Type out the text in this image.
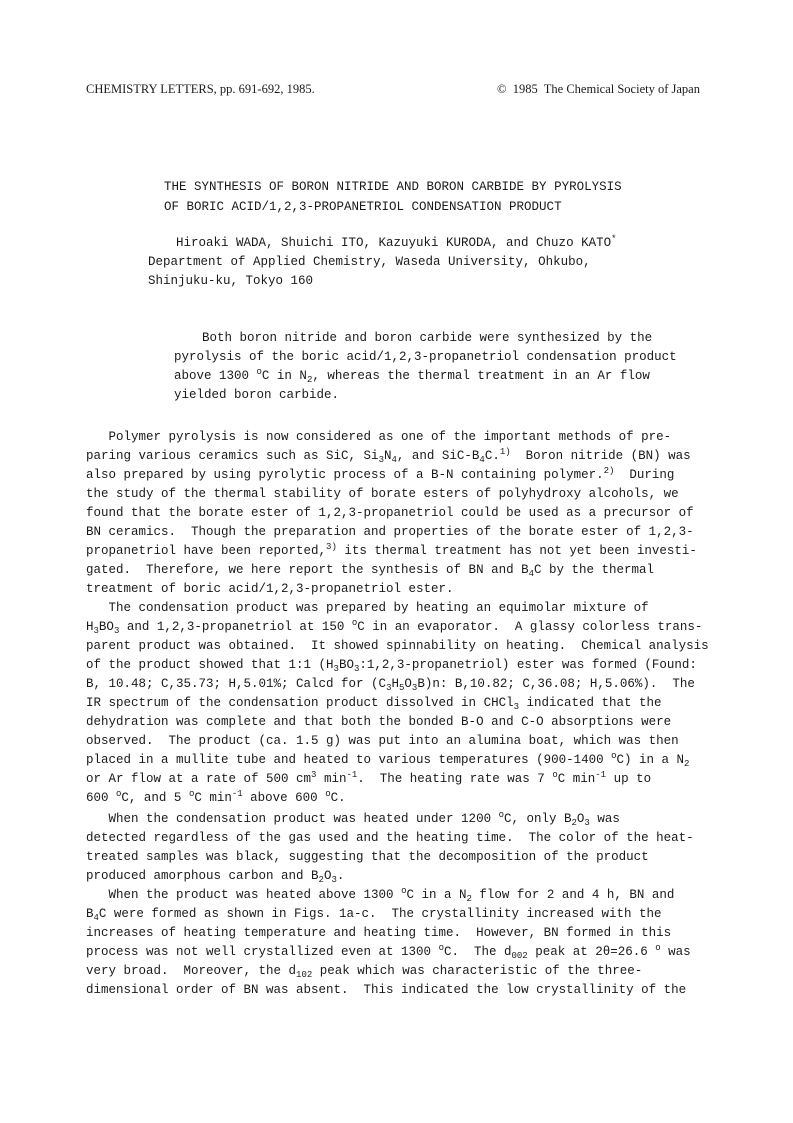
CHEMISTRY LETTERS, pp. 691-692, 1985.	©  1985  The Chemical Society of Japan
THE SYNTHESIS OF BORON NITRIDE AND BORON CARBIDE BY PYROLYSIS
OF BORIC ACID/1,2,3-PROPANETRIOL CONDENSATION PRODUCT
Hiroaki WADA, Shuichi ITO, Kazuyuki KURODA, and Chuzo KATO*
Department of Applied Chemistry, Waseda University, Ohkubo,
Shinjuku-ku, Tokyo 160
Both boron nitride and boron carbide were synthesized by the
pyrolysis of the boric acid/1,2,3-propanetriol condensation product
above 1300 $^o$C in $N_2$, whereas the thermal treatment in an Ar flow
yielded boron carbide.
Polymer pyrolysis is now considered as one of the important methods of pre-
paring various ceramics such as SiC, $Si_3N_4$, and SiC-$B_4C.^{1)}$  Boron nitride (BN) was
also prepared by using pyrolytic process of a B-N containing polymer.$^{2)}$  During
the study of the thermal stability of borate esters of polyhydroxy alcohols, we
found that the borate ester of 1,2,3-propanetriol could be used as a precursor of
BN ceramics.  Though the preparation and properties of the borate ester of 1,2,3-
propanetriol have been reported,$^{3)}$ its thermal treatment has not yet been investi-
gated.  Therefore, we here report the synthesis of BN and $B_4C$ by the thermal
treatment of boric acid/1,2,3-propanetriol ester.
The condensation product was prepared by heating an equimolar mixture of
$H_3BO_3$ and 1,2,3-propanetriol at 150 $^o$C in an evaporator.  A glassy colorless trans-
parent product was obtained.  It showed spinnability on heating.  Chemical analysis
of the product showed that 1:1 $(H_3BO_3:1,2,3-propanetriol)$ ester was formed (Found:
B, 10.48; C,35.73; H,5.01%; Calcd for $(C_3H_5O_3B)n$: B,10.82; C,36.08; H,5.06%).  The
IR spectrum of the condensation product dissolved in CHCl$_3$ indicated that the
dehydration was complete and that both the bonded B-O and C-O absorptions were
observed.  The product (ca. 1.5 g) was put into an alumina boat, which was then
placed in a mullite tube and heated to various temperatures (900-1400 $^o$C) in a $N_2$
or Ar flow at a rate of 500 $cm^3$ $\min^{-1}$.  The heating rate was 7 $^o$C $\min^{-1}$ up to
600 $^o$C, and 5 $^o$C $\min^{-1}$ above 600 $^o$C.
When the condensation product was heated under 1200 $^o$C, only $B_2O_3$ was
detected regardless of the gas used and the heating time.  The color of the heat-
treated samples was black, suggesting that the decomposition of the product
produced amorphous carbon and $B_2O_3$.
When the product was heated above 1300 $^o$C in a $N_2$ flow for 2 and 4 h, BN and
$B_4C$ were formed as shown in Figs. 1a-c.  The crystallinity increased with the
increases of heating temperature and heating time.  However, BN formed in this
process was not well crystallized even at 1300 $^o$C.  The $d_{002}$ peak at 2θ=26.6 $^o$ was
very broad.  Moreover, the $d_{102}$ peak which was characteristic of the three-
dimensional order of BN was absent.  This indicated the low crystallinity of the
